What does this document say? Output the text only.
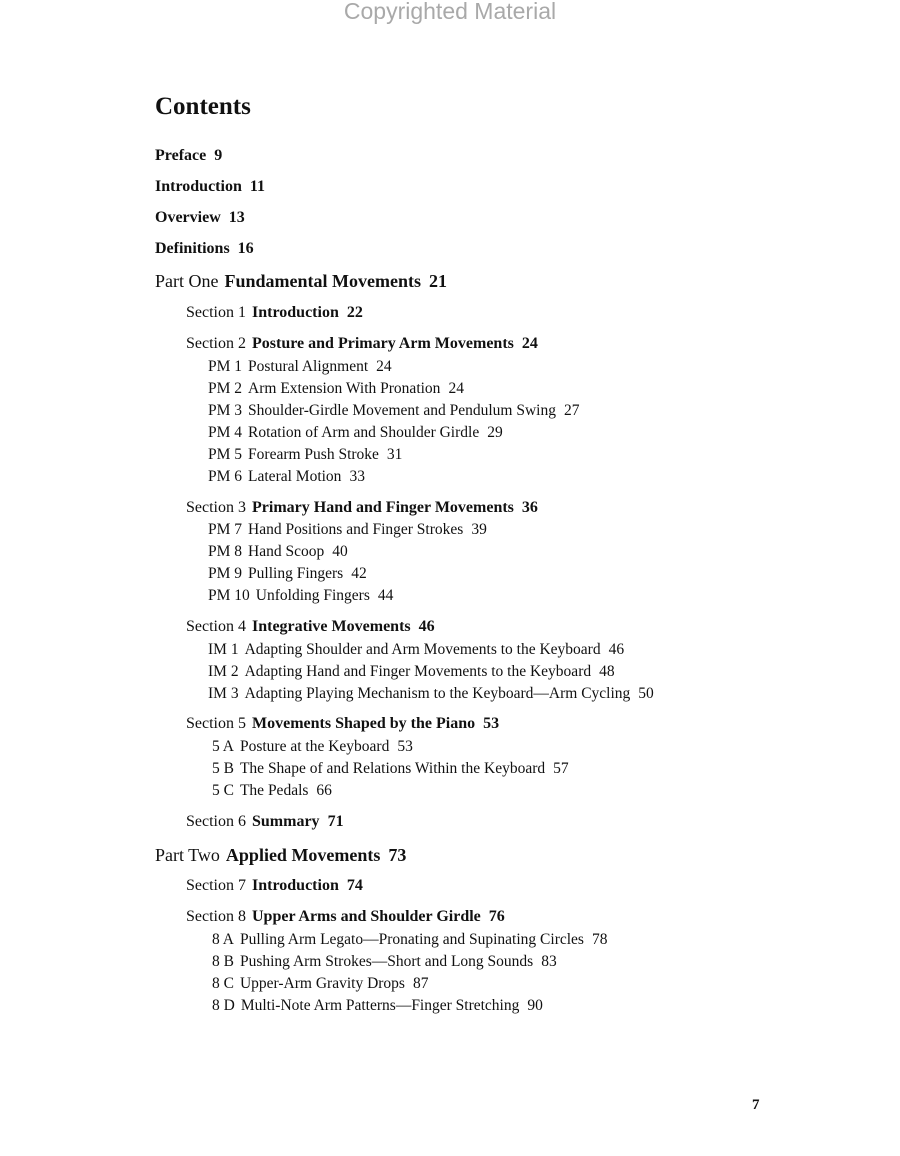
Copyrighted Material
Contents
Preface 9
Introduction 11
Overview 13
Definitions 16
Part One Fundamental Movements 21
Section 1 Introduction 22
Section 2 Posture and Primary Arm Movements 24
PM 1 Postural Alignment 24
PM 2 Arm Extension With Pronation 24
PM 3 Shoulder-Girdle Movement and Pendulum Swing 27
PM 4 Rotation of Arm and Shoulder Girdle 29
PM 5 Forearm Push Stroke 31
PM 6 Lateral Motion 33
Section 3 Primary Hand and Finger Movements 36
PM 7 Hand Positions and Finger Strokes 39
PM 8 Hand Scoop 40
PM 9 Pulling Fingers 42
PM 10 Unfolding Fingers 44
Section 4 Integrative Movements 46
IM 1 Adapting Shoulder and Arm Movements to the Keyboard 46
IM 2 Adapting Hand and Finger Movements to the Keyboard 48
IM 3 Adapting Playing Mechanism to the Keyboard—Arm Cycling 50
Section 5 Movements Shaped by the Piano 53
5 A Posture at the Keyboard 53
5 B The Shape of and Relations Within the Keyboard 57
5 C The Pedals 66
Section 6 Summary 71
Part Two Applied Movements 73
Section 7 Introduction 74
Section 8 Upper Arms and Shoulder Girdle 76
8 A Pulling Arm Legato—Pronating and Supinating Circles 78
8 B Pushing Arm Strokes—Short and Long Sounds 83
8 C Upper-Arm Gravity Drops 87
8 D Multi-Note Arm Patterns—Finger Stretching 90
7
